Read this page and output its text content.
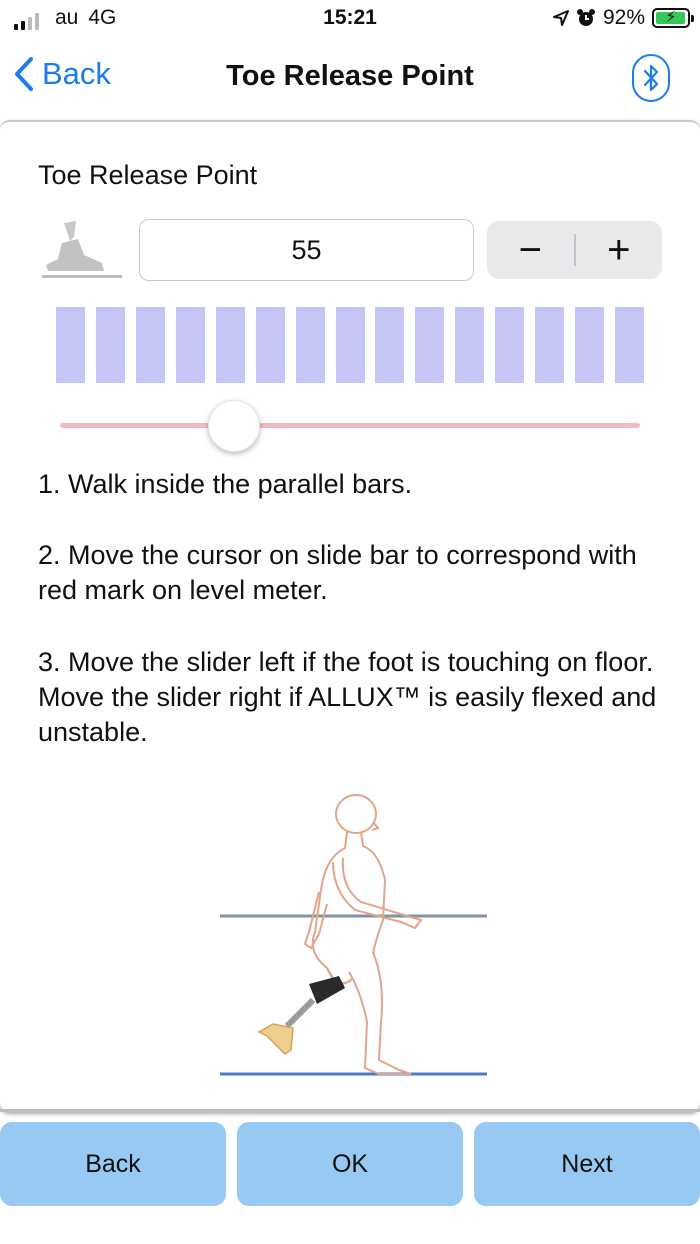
au 4G	15:21	92%	⚡
Back	Toe Release Point
Toe Release Point
55	−	+
1. Walk inside the parallel bars.
2. Move the cursor on slide bar to correspond with red mark on level meter.
3. Move the slider left if the foot is touching on floor. Move the slider right if ALLUX™ is easily flexed and unstable.
Back	OK	Next
